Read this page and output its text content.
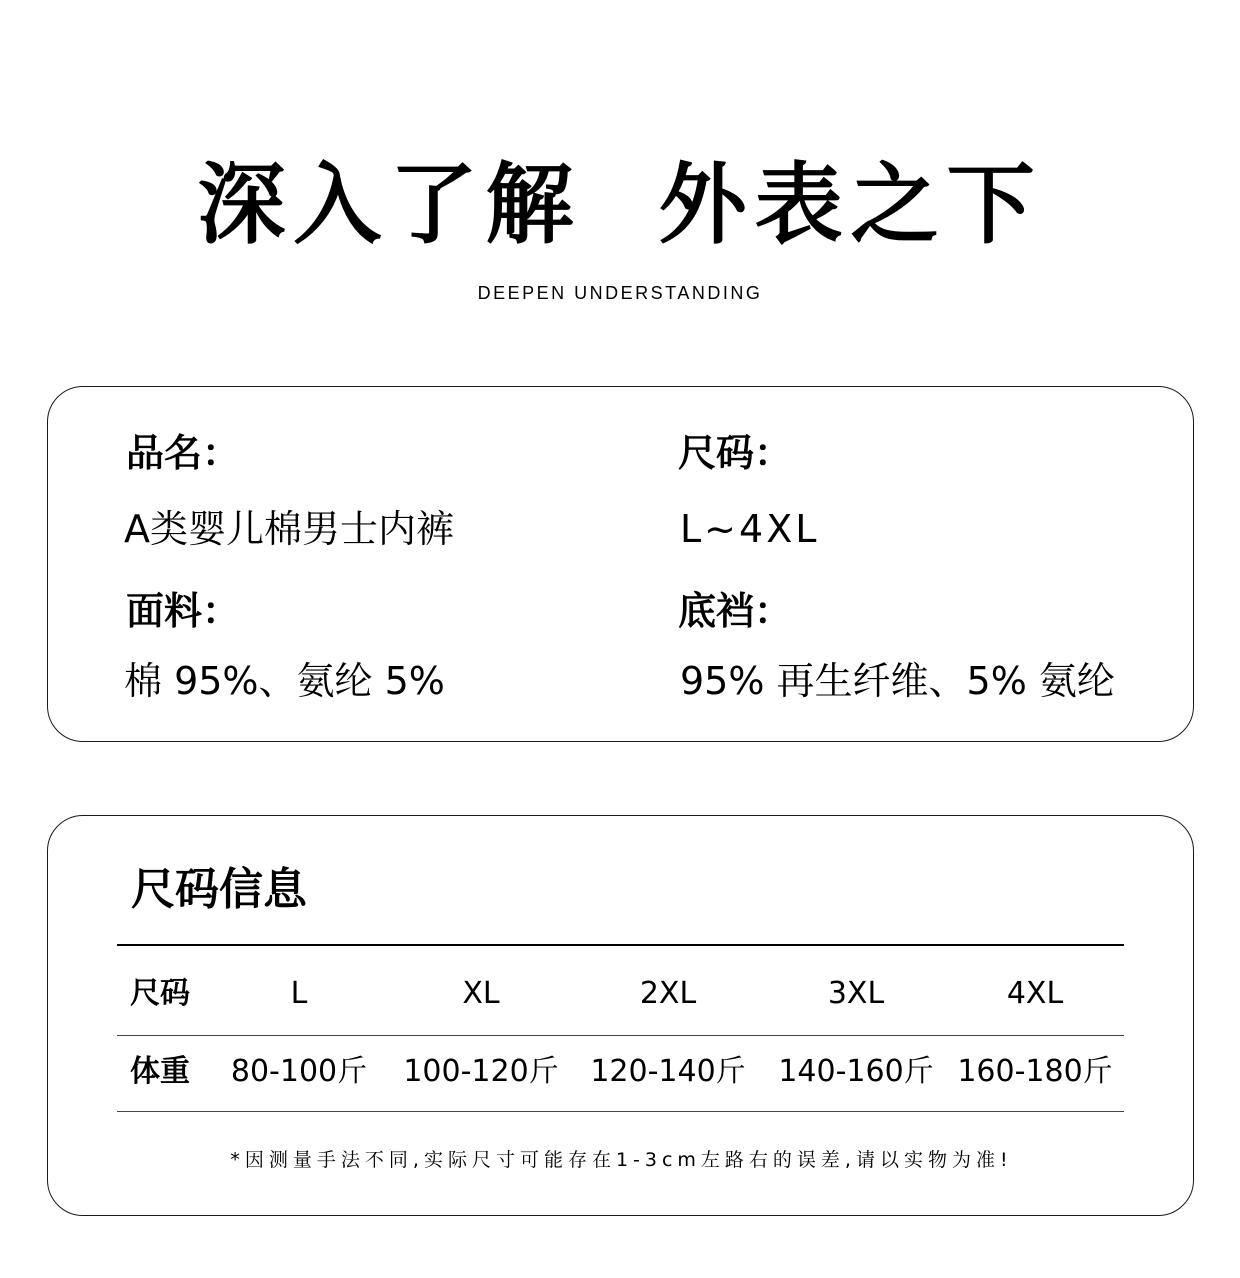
深入了解  外表之下
DEEPEN UNDERSTANDING
品名：
A类婴儿棉男士内裤
尺码：
L~4XL
面料：
棉 95%、氨纶 5%
底裆：
95% 再生纤维、5% 氨纶
尺码信息
尺码	L	XL	2XL	3XL	4XL
体重	80-100斤	100-120斤	120-140斤	140-160斤 160-180斤
*因测量手法不同,实际尺寸可能存在1-3cm左路右的误差,请以实物为准!
